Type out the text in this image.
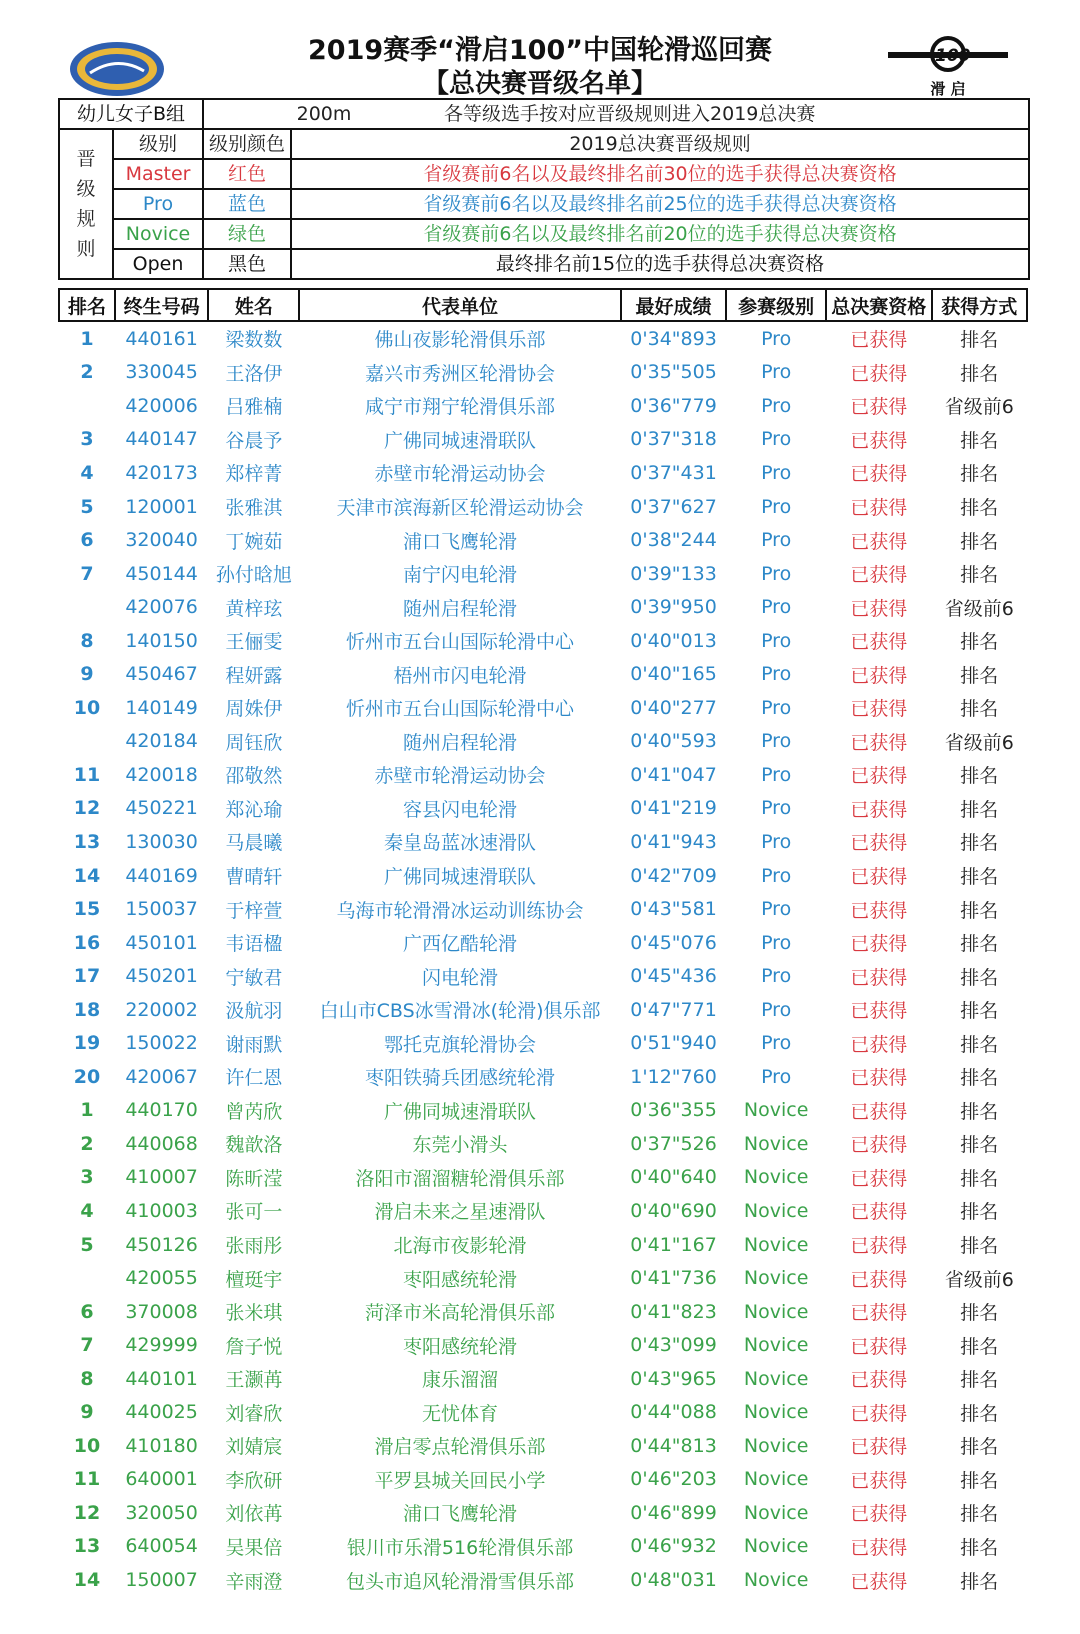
2019赛季“滑启100”中国轮滑巡回赛
【总决赛晋级名单】
100
滑 启
幼儿女子B组		200m 各等级选手按对应晋级规则进入2019总决赛	

晋
级
规
则	级别	级别颜色	2019总决赛晋级规则
	Master	红色	省级赛前6名以及最终排名前30位的选手获得总决赛资格
	Pro	蓝色	省级赛前6名以及最终排名前25位的选手获得总决赛资格
	Novice	绿色	省级赛前6名以及最终排名前20位的选手获得总决赛资格
	Open	黑色	最终排名前15位的选手获得总决赛资格
排名	终生号码	姓名	代表单位	最好成绩	参赛级别	总决赛资格	获得方式
1	440161	梁数数	佛山夜影轮滑俱乐部	0'34"893	Pro	已获得	排名
2	330045	王洛伊	嘉兴市秀洲区轮滑协会	0'35"505	Pro	已获得	排名
	420006	吕雅楠	咸宁市翔宁轮滑俱乐部	0'36"779	Pro	已获得	省级前6
3	440147	谷晨予	广佛同城速滑联队	0'37"318	Pro	已获得	排名
4	420173	郑梓菁	赤壁市轮滑运动协会	0'37"431	Pro	已获得	排名
5	120001	张雅淇	天津市滨海新区轮滑运动协会	0'37"627	Pro	已获得	排名
6	320040	丁婉茹	浦口飞鹰轮滑	0'38"244	Pro	已获得	排名
7	450144	孙付晗旭	南宁闪电轮滑	0'39"133	Pro	已获得	排名
	420076	黄梓玹	随州启程轮滑	0'39"950	Pro	已获得	省级前6
8	140150	王俪雯	忻州市五台山国际轮滑中心	0'40"013	Pro	已获得	排名
9	450467	程妍露	梧州市闪电轮滑	0'40"165	Pro	已获得	排名
10	140149	周姝伊	忻州市五台山国际轮滑中心	0'40"277	Pro	已获得	排名
	420184	周钰欣	随州启程轮滑	0'40"593	Pro	已获得	省级前6
11	420018	邵敬然	赤壁市轮滑运动协会	0'41"047	Pro	已获得	排名
12	450221	郑沁瑜	容县闪电轮滑	0'41"219	Pro	已获得	排名
13	130030	马晨曦	秦皇岛蓝冰速滑队	0'41"943	Pro	已获得	排名
14	440169	曹晴轩	广佛同城速滑联队	0'42"709	Pro	已获得	排名
15	150037	于梓萱	乌海市轮滑滑冰运动训练协会	0'43"581	Pro	已获得	排名
16	450101	韦语楹	广西亿酷轮滑	0'45"076	Pro	已获得	排名
17	450201	宁敏君	闪电轮滑	0'45"436	Pro	已获得	排名
18	220002	汲航羽	白山市CBS冰雪滑冰(轮滑)俱乐部	0'47"771	Pro	已获得	排名
19	150022	谢雨默	鄂托克旗轮滑协会	0'51"940	Pro	已获得	排名
20	420067	许仁恩	枣阳铁骑兵团感统轮滑	1'12"760	Pro	已获得	排名
1	440170	曾芮欣	广佛同城速滑联队	0'36"355	Novice	已获得	排名
2	440068	魏歆洛	东莞小滑头	0'37"526	Novice	已获得	排名
3	410007	陈昕滢	洛阳市溜溜糖轮滑俱乐部	0'40"640	Novice	已获得	排名
4	410003	张可一	滑启未来之星速滑队	0'40"690	Novice	已获得	排名
5	450126	张雨彤	北海市夜影轮滑	0'41"167	Novice	已获得	排名
	420055	檀珽宇	枣阳感统轮滑	0'41"736	Novice	已获得	省级前6
6	370008	张米琪	菏泽市米高轮滑俱乐部	0'41"823	Novice	已获得	排名
7	429999	詹子悦	枣阳感统轮滑	0'43"099	Novice	已获得	排名
8	440101	王灏苒	康乐溜溜	0'43"965	Novice	已获得	排名
9	440025	刘睿欣	无忧体育	0'44"088	Novice	已获得	排名
10	410180	刘婧宸	滑启零点轮滑俱乐部	0'44"813	Novice	已获得	排名
11	640001	李欣研	平罗县城关回民小学	0'46"203	Novice	已获得	排名
12	320050	刘依苒	浦口飞鹰轮滑	0'46"899	Novice	已获得	排名
13	640054	吴果倍	银川市乐滑516轮滑俱乐部	0'46"932	Novice	已获得	排名
14	150007	辛雨澄	包头市追风轮滑滑雪俱乐部	0'48"031	Novice	已获得	排名
